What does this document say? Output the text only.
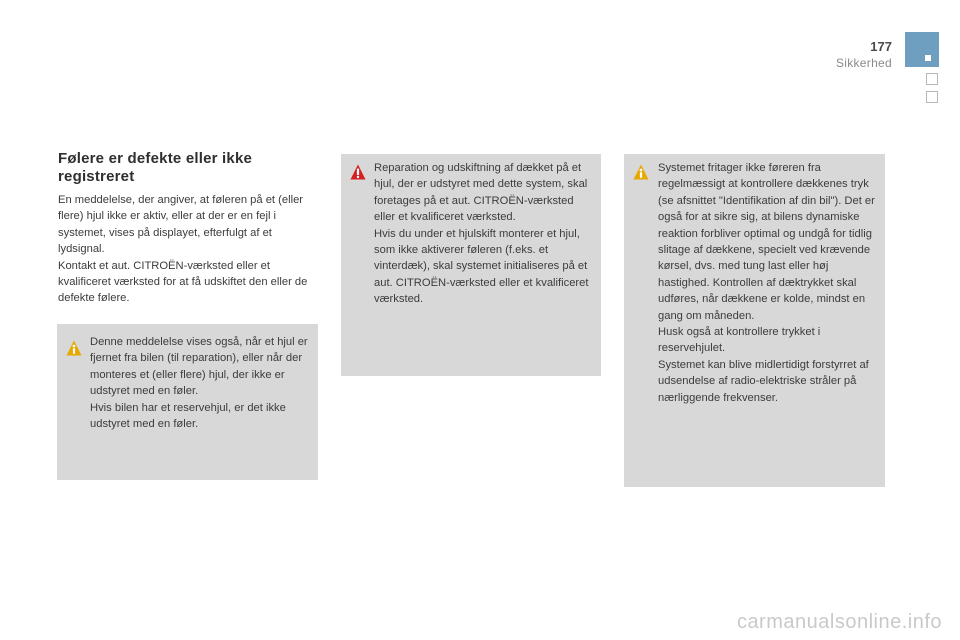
177
Sikkerhed
Følere er defekte eller ikke registreret

En meddelelse, der angiver, at føleren på et (eller flere) hjul ikke er aktiv, eller at der er en fejl i systemet, vises på displayet, efterfulgt af et lydsignal.

Kontakt et aut. CITROËN-værksted eller et kvalificeret værksted for at få udskiftet den eller de defekte følere.

Denne meddelelse vises også, når et hjul er fjernet fra bilen (til reparation), eller når der monteres et (eller flere) hjul, der ikke er udstyret med en føler.

Hvis bilen har et reservehjul, er det ikke udstyret med en føler.

Reparation og udskiftning af dækket på et hjul, der er udstyret med dette system, skal foretages på et aut. CITROËN-værksted eller et kvalificeret værksted.

Hvis du under et hjulskift monterer et hjul, som ikke aktiverer føleren (f.eks. et vinterdæk), skal systemet initialiseres på et aut. CITROËN-værksted eller et kvalificeret værksted.

Systemet fritager ikke føreren fra regelmæssigt at kontrollere dækkenes tryk (se afsnittet "Identifikation af din bil"). Det er også for at sikre sig, at bilens dynamiske reaktion forbliver optimal og undgå for tidlig slitage af dækkene, specielt ved krævende kørsel, dvs. med tung last eller høj hastighed. Kontrollen af dæktrykket skal udføres, når dækkene er kolde, mindst en gang om måneden.

Husk også at kontrollere trykket i reservehjulet.

Systemet kan blive midlertidigt forstyrret af udsendelse af radio-elektriske stråler på nærliggende frekvenser.

carmanualsonline.info
